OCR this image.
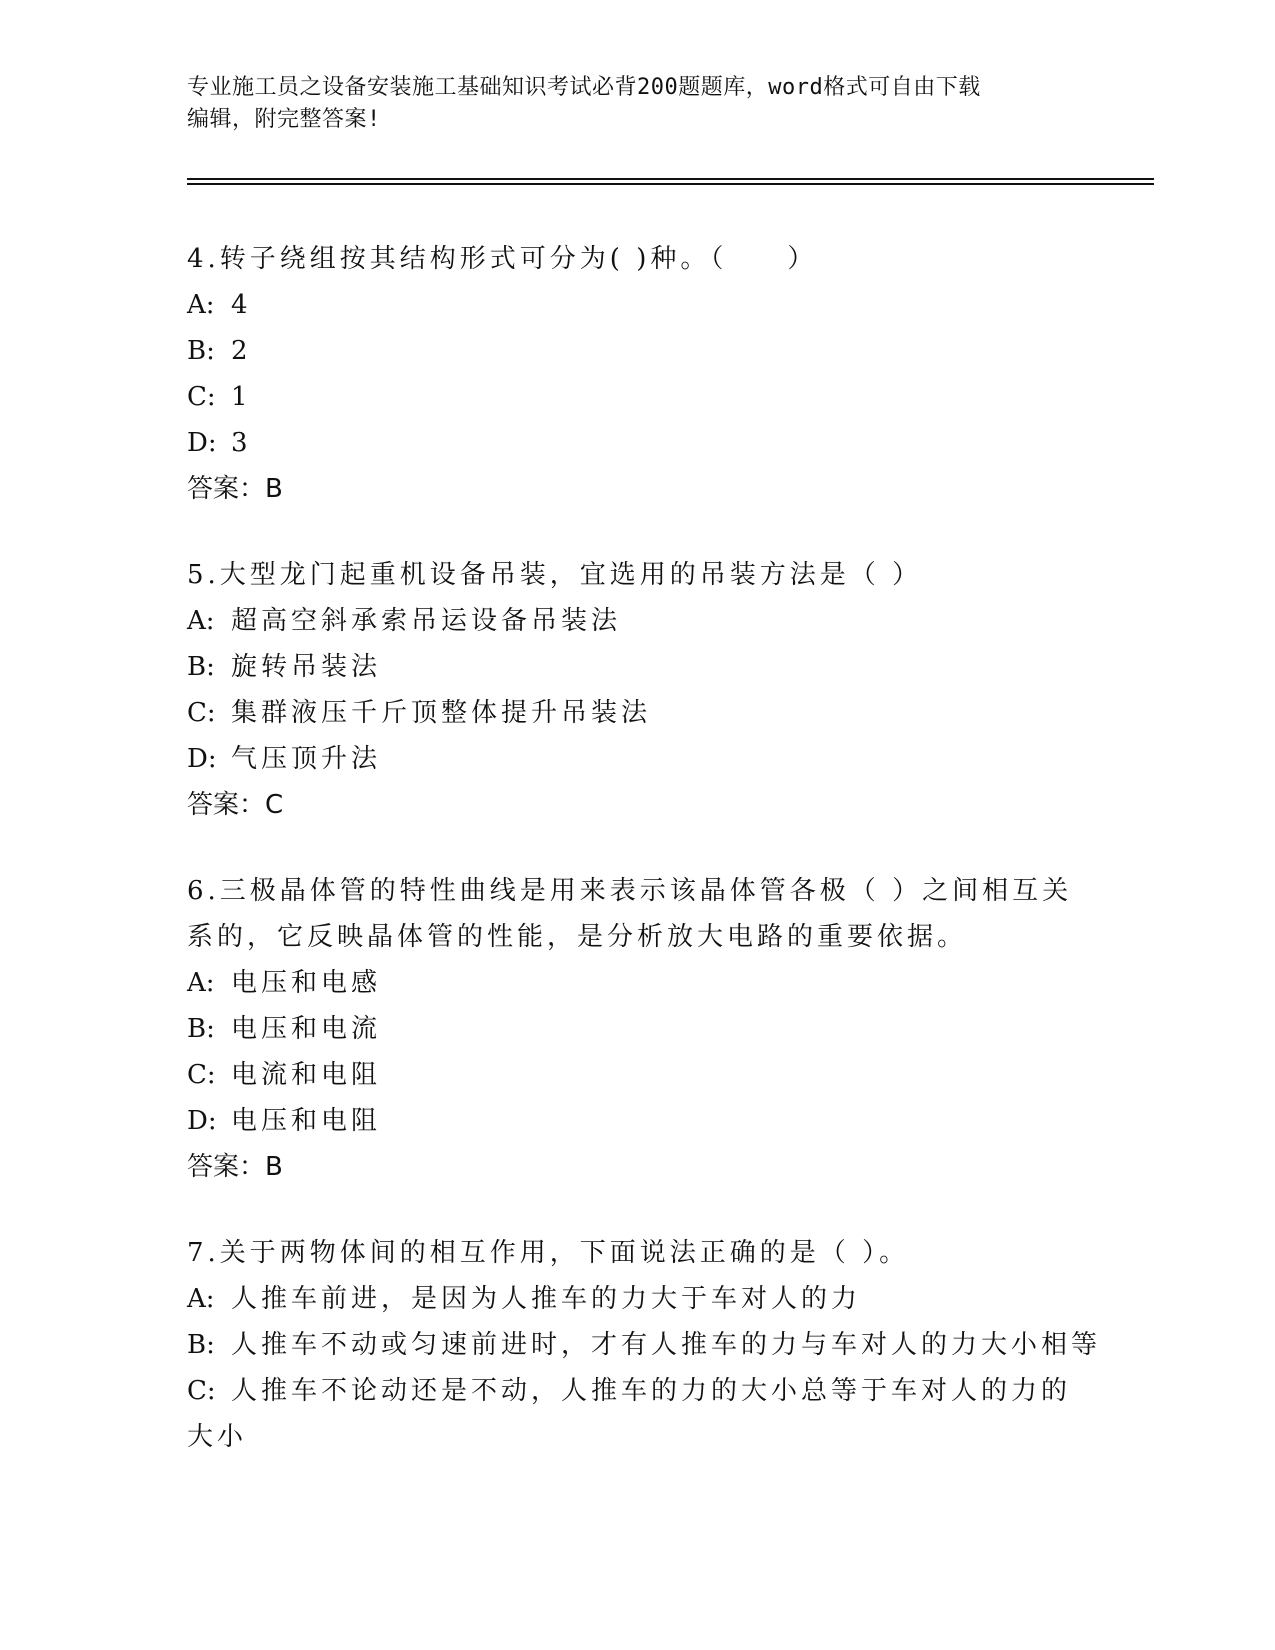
专业施工员之设备安装施工基础知识考试必背200题题库，word格式可自由下载
编辑，附完整答案!
4.转子绕组按其结构形式可分为( )种。（　　）
A: 4
B: 2
C: 1
D: 3
答案：B
5.大型龙门起重机设备吊装，宜选用的吊装方法是（ ）
A: 超高空斜承索吊运设备吊装法
B: 旋转吊装法
C: 集群液压千斤顶整体提升吊装法
D: 气压顶升法
答案：C
6.三极晶体管的特性曲线是用来表示该晶体管各极（ ）之间相互关系的，它反映晶体管的性能，是分析放大电路的重要依据。
A: 电压和电感
B: 电压和电流
C: 电流和电阻
D: 电压和电阻
答案：B
7.关于两物体间的相互作用，下面说法正确的是（ ）。
A: 人推车前进，是因为人推车的力大于车对人的力
B: 人推车不动或匀速前进时，才有人推车的力与车对人的力大小相等
C: 人推车不论动还是不动，人推车的力的大小总等于车对人的力的大小
